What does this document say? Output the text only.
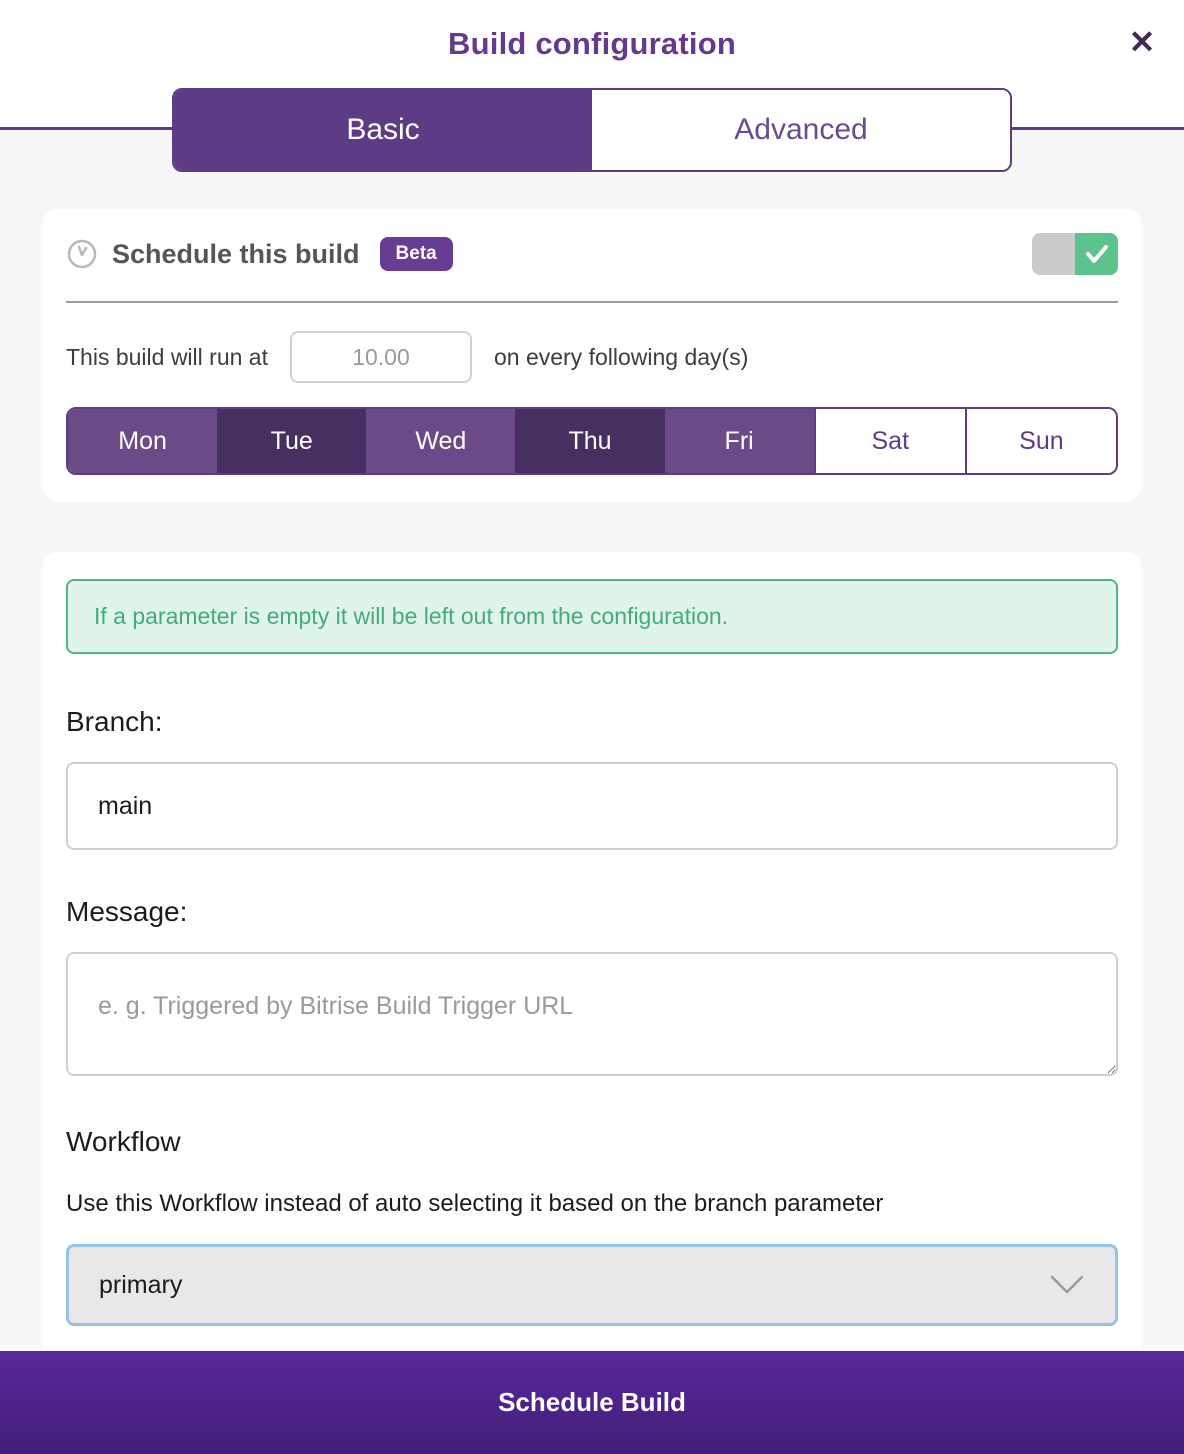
Build configuration	✕
Basic	Advanced
Schedule this build	Beta
This build will run at
10.00	on every following day(s)
Mon	Tue	Wed	Thu	Fri	Sat	Sun
If a parameter is empty it will be left out from the configuration.
Branch:
main
Message:
e. g. Triggered by Bitrise Build Trigger URL
Workflow
Use this Workflow instead of auto selecting it based on the branch parameter
primary
Schedule Build
